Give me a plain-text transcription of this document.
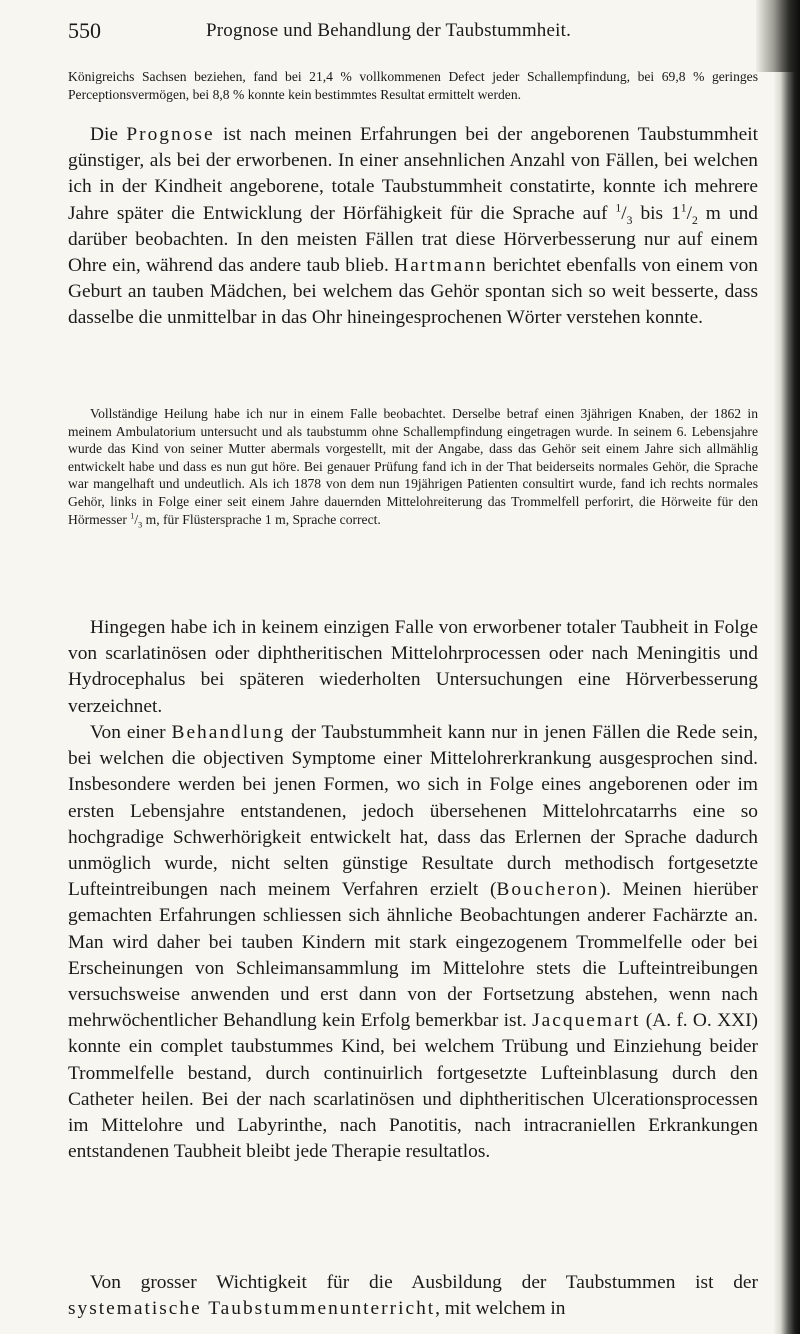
550	Prognose und Behandlung der Taubstummheit.

Königreichs Sachsen beziehen, fand bei 21,4 % vollkommenen Defect jeder Schallempfindung, bei 69,8 % geringes Perceptionsvermögen, bei 8,8 % konnte kein bestimmtes Resultat ermittelt werden.

Die Prognose ist nach meinen Erfahrungen bei der angeborenen Taubstummheit günstiger, als bei der erworbenen. In einer ansehnlichen Anzahl von Fällen, bei welchen ich in der Kindheit angeborene, totale Taubstummheit constatirte, konnte ich mehrere Jahre später die Entwicklung der Hörfähigkeit für die Sprache auf $^1/_3$ bis $1^1/_2$ m und darüber beobachten. In den meisten Fällen trat diese Hörverbesserung nur auf einem Ohre ein, während das andere taub blieb. Hartmann berichtet ebenfalls von einem von Geburt an tauben Mädchen, bei welchem das Gehör spontan sich so weit besserte, dass dasselbe die unmittelbar in das Ohr hineingesprochenen Wörter verstehen konnte.

Vollständige Heilung habe ich nur in einem Falle beobachtet. Derselbe betraf einen 3jährigen Knaben, der 1862 in meinem Ambulatorium untersucht und als taubstumm ohne Schallempfindung eingetragen wurde. In seinem 6. Lebensjahre wurde das Kind von seiner Mutter abermals vorgestellt, mit der Angabe, dass das Gehör seit einem Jahre sich allmählig entwickelt habe und dass es nun gut höre. Bei genauer Prüfung fand ich in der That beiderseits normales Gehör, die Sprache war mangelhaft und undeutlich. Als ich 1878 von dem nun 19jährigen Patienten consultirt wurde, fand ich rechts normales Gehör, links in Folge einer seit einem Jahre dauernden Mittelohreiterung das Trommelfell perforirt, die Hörweite für den Hörmesser $^1/_3$ m, für Flüstersprache 1 m, Sprache correct.

Hingegen habe ich in keinem einzigen Falle von erworbener totaler Taubheit in Folge von scarlatinösen oder diphtheritischen Mittelohrprocessen oder nach Meningitis und Hydrocephalus bei späteren wiederholten Untersuchungen eine Hörverbesserung verzeichnet.

Von einer Behandlung der Taubstummheit kann nur in jenen Fällen die Rede sein, bei welchen die objectiven Symptome einer Mittelohrerkrankung ausgesprochen sind. Insbesondere werden bei jenen Formen, wo sich in Folge eines angeborenen oder im ersten Lebensjahre entstandenen, jedoch übersehenen Mittelohrcatarrhs eine so hochgradige Schwerhörigkeit entwickelt hat, dass das Erlernen der Sprache dadurch unmöglich wurde, nicht selten günstige Resultate durch methodisch fortgesetzte Lufteintreibungen nach meinem Verfahren erzielt (Boucheron). Meinen hierüber gemachten Erfahrungen schliessen sich ähnliche Beobachtungen anderer Fachärzte an. Man wird daher bei tauben Kindern mit stark eingezogenem Trommelfelle oder bei Erscheinungen von Schleimansammlung im Mittelohre stets die Lufteintreibungen versuchsweise anwenden und erst dann von der Fortsetzung abstehen, wenn nach mehrwöchentlicher Behandlung kein Erfolg bemerkbar ist. Jacquemart (A. f. O. XXI) konnte ein complet taubstummes Kind, bei welchem Trübung und Einziehung beider Trommelfelle bestand, durch continuirlich fortgesetzte Lufteinblasung durch den Catheter heilen. Bei der nach scarlatinösen und diphtheritischen Ulcerationsprocessen im Mittelohre und Labyrinthe, nach Panotitis, nach intracraniellen Erkrankungen entstandenen Taubheit bleibt jede Therapie resultatlos.

Von grosser Wichtigkeit für die Ausbildung der Taubstummen ist der systematische Taubstummenunterricht, mit welchem in
